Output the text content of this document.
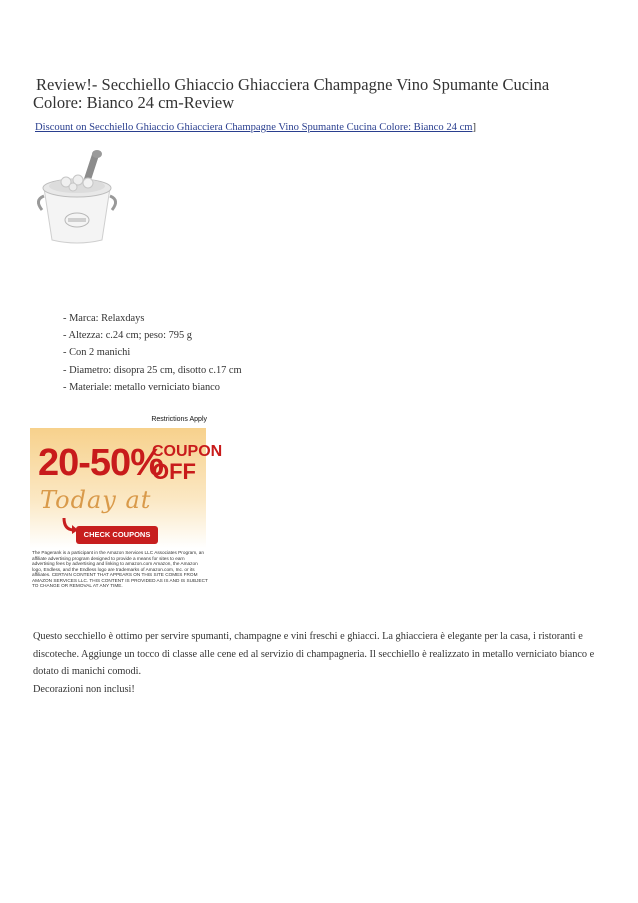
Review!- Secchiello Ghiaccio Ghiacciera Champagne Vino Spumante Cucina
Colore: Bianco 24 cm-Review
Discount on Secchiello Ghiaccio Ghiacciera Champagne Vino Spumante Cucina Colore: Bianco 24 cm]
- Marca: Relaxdays
- Altezza: c.24 cm; peso: 795 g
- Con 2 manichi
- Diametro: disopra 25 cm, disotto c.17 cm
- Materiale: metallo verniciato bianco
Restrictions Apply
20-50%
COUPON
OFF
Today at
CHECK COUPONS
The Pagerank is a participant in the Amazon Services LLC Associates Program, an affiliate advertising program designed to provide a means for sites to earn advertising fees by advertising and linking to amazon.com Amazon, the Amazon logo, Endless, and the Endless logo are trademarks of Amazon.com, Inc. or its affiliates. CERTAIN CONTENT THAT APPEARS ON THIS SITE COMES FROM AMAZON SERVICES LLC. THIS CONTENT IS PROVIDED AS IS AND IS SUBJECT TO CHANGE OR REMOVAL AT ANY TIME.

Questo secchiello è ottimo per servire spumanti, champagne e vini freschi e ghiacci. La ghiacciera è elegante per la casa, i ristoranti e discoteche. Aggiunge un tocco di classe alle cene ed al servizio di champagneria. Il secchiello è realizzato in metallo verniciato bianco e dotato di manichi comodi.

Decorazioni non inclusi!
